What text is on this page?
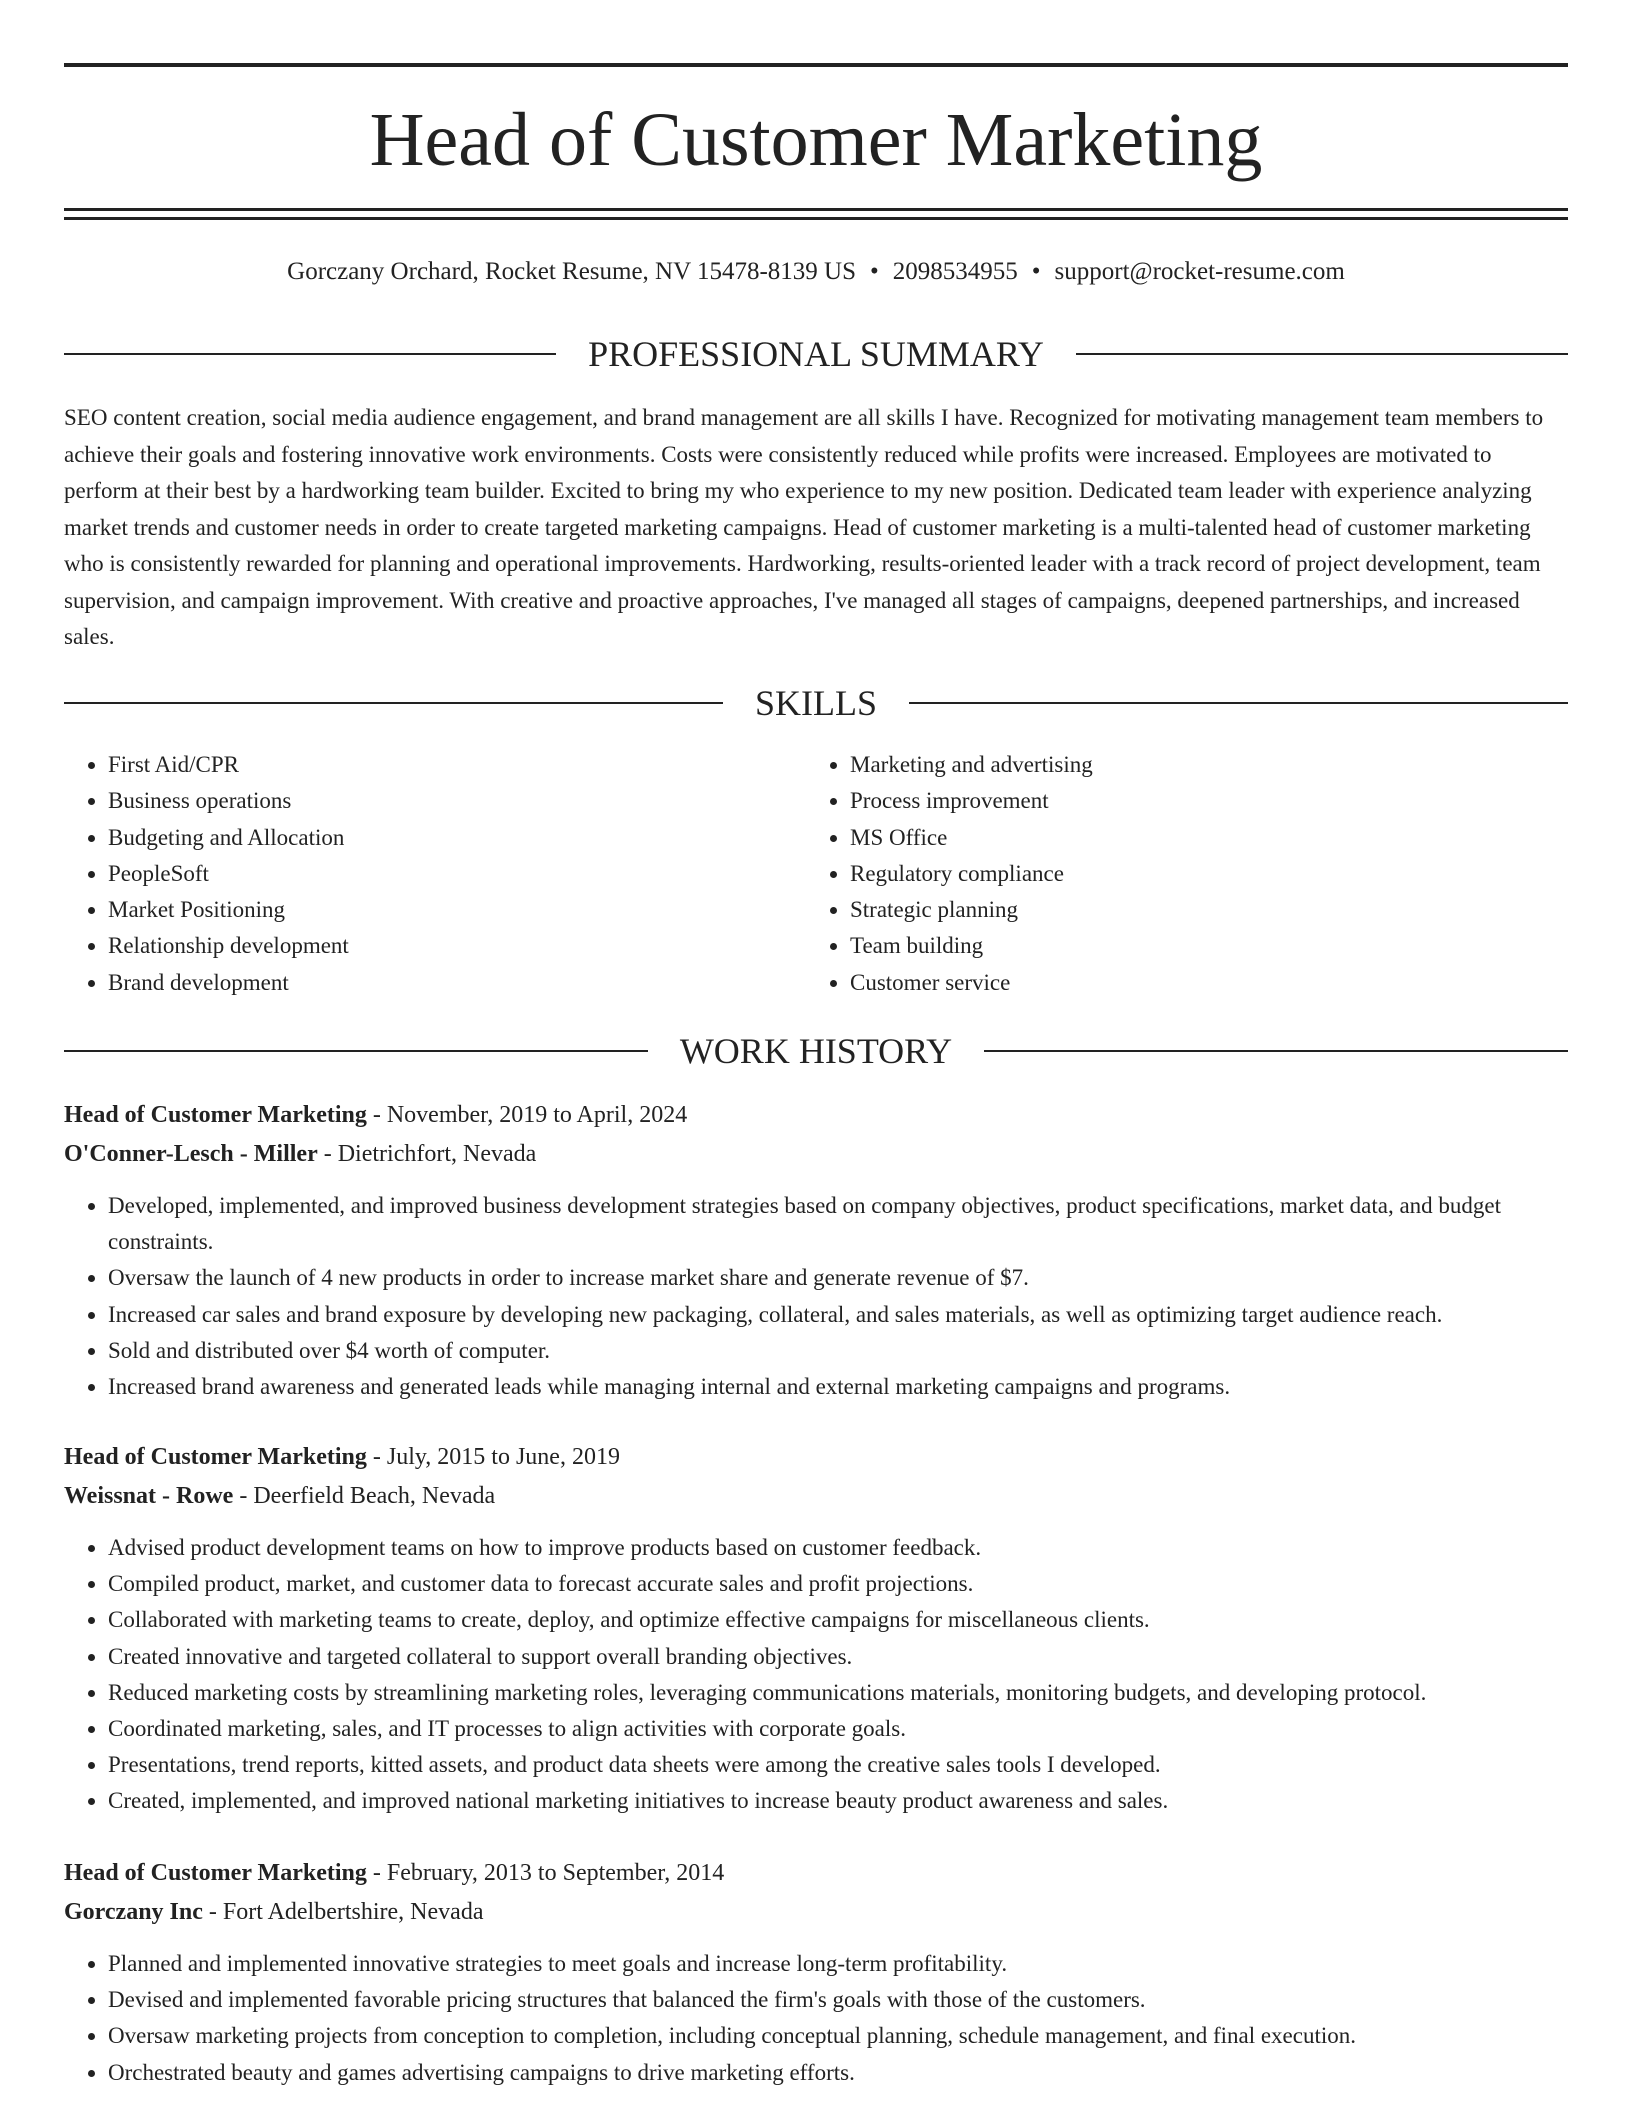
Head of Customer Marketing
Gorczany Orchard, Rocket Resume, NV 15478-8139 US • 2098534955 • support@rocket-resume.com
PROFESSIONAL SUMMARY

SEO content creation, social media audience engagement, and brand management are all skills I have. Recognized for motivating management team members to achieve their goals and fostering innovative work environments. Costs were consistently reduced while profits were increased. Employees are motivated to perform at their best by a hardworking team builder. Excited to bring my who experience to my new position. Dedicated team leader with experience analyzing market trends and customer needs in order to create targeted marketing campaigns. Head of customer marketing is a multi-talented head of customer marketing who is consistently rewarded for planning and operational improvements. Hardworking, results-oriented leader with a track record of project development, team supervision, and campaign improvement. With creative and proactive approaches, I've managed all stages of campaigns, deepened partnerships, and increased sales.

SKILLS
• First Aid/CPR
• Business operations
• Budgeting and Allocation
• PeopleSoft
• Market Positioning
• Relationship development
• Brand development
• Marketing and advertising
• Process improvement
• MS Office
• Regulatory compliance
• Strategic planning
• Team building
• Customer service
WORK HISTORY
Head of Customer Marketing - November, 2019 to April, 2024
O'Conner-Lesch - Miller - Dietrichfort, Nevada
• Developed, implemented, and improved business development strategies based on company objectives, product specifications, market data, and budget constraints.
• Oversaw the launch of 4 new products in order to increase market share and generate revenue of $7.
• Increased car sales and brand exposure by developing new packaging, collateral, and sales materials, as well as optimizing target audience reach.
• Sold and distributed over $4 worth of computer.
• Increased brand awareness and generated leads while managing internal and external marketing campaigns and programs.
Head of Customer Marketing - July, 2015 to June, 2019
Weissnat - Rowe - Deerfield Beach, Nevada
• Advised product development teams on how to improve products based on customer feedback.
• Compiled product, market, and customer data to forecast accurate sales and profit projections.
• Collaborated with marketing teams to create, deploy, and optimize effective campaigns for miscellaneous clients.
• Created innovative and targeted collateral to support overall branding objectives.
• Reduced marketing costs by streamlining marketing roles, leveraging communications materials, monitoring budgets, and developing protocol.
• Coordinated marketing, sales, and IT processes to align activities with corporate goals.
• Presentations, trend reports, kitted assets, and product data sheets were among the creative sales tools I developed.
• Created, implemented, and improved national marketing initiatives to increase beauty product awareness and sales.
Head of Customer Marketing - February, 2013 to September, 2014
Gorczany Inc - Fort Adelbertshire, Nevada
• Planned and implemented innovative strategies to meet goals and increase long-term profitability.
• Devised and implemented favorable pricing structures that balanced the firm's goals with those of the customers.
• Oversaw marketing projects from conception to completion, including conceptual planning, schedule management, and final execution.
• Orchestrated beauty and games advertising campaigns to drive marketing efforts.
